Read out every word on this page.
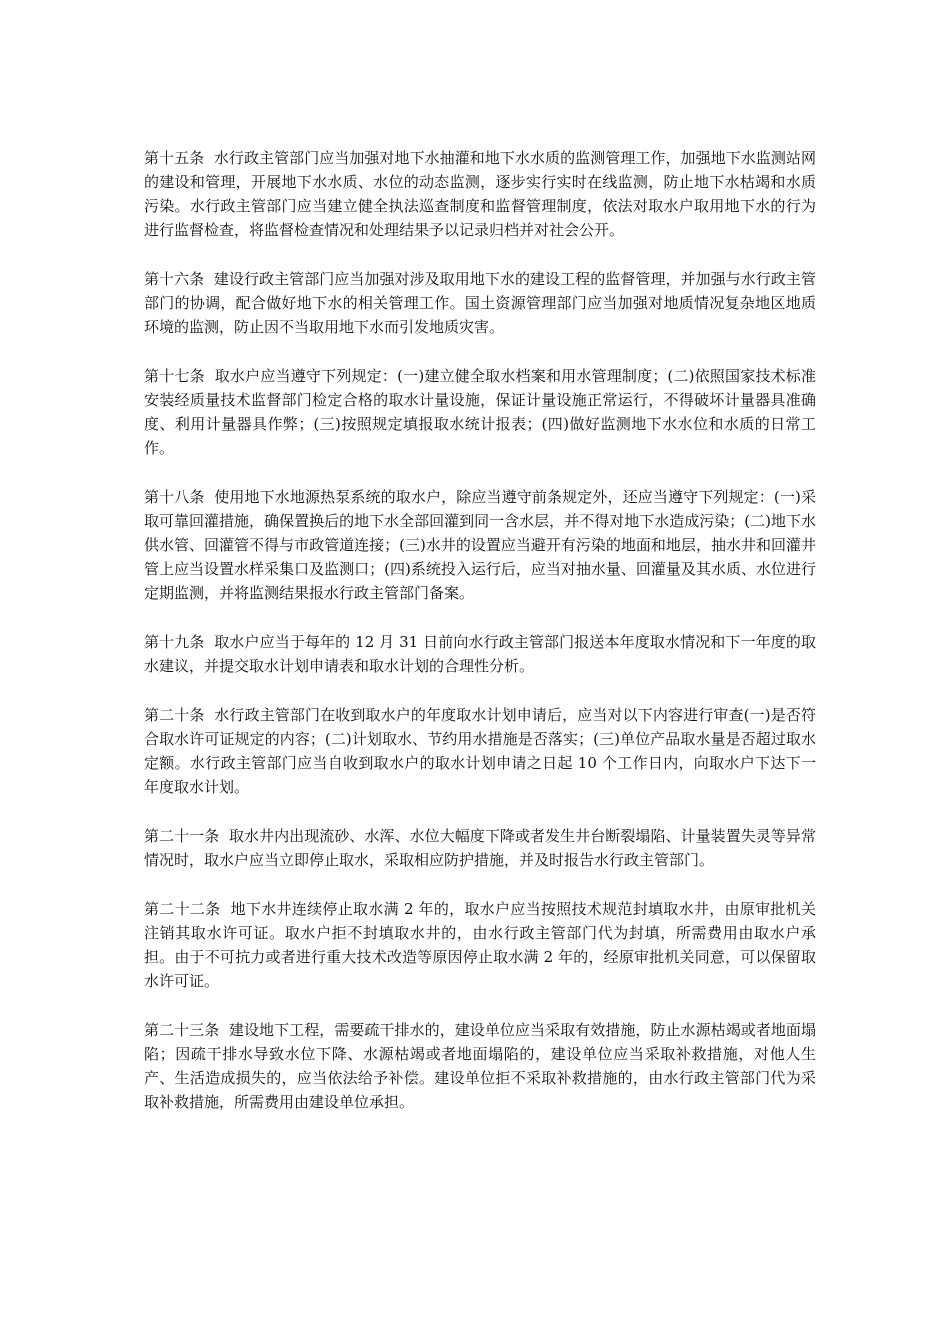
第十五条 水行政主管部门应当加强对地下水抽灌和地下水水质的监测管理工作，加强地下水监测站网的建设和管理，开展地下水水质、水位的动态监测，逐步实行实时在线监测，防止地下水枯竭和水质污染。水行政主管部门应当建立健全执法巡查制度和监督管理制度，依法对取水户取用地下水的行为进行监督检查，将监督检查情况和处理结果予以记录归档并对社会公开。

第十六条 建设行政主管部门应当加强对涉及取用地下水的建设工程的监督管理，并加强与水行政主管部门的协调，配合做好地下水的相关管理工作。国土资源管理部门应当加强对地质情况复杂地区地质环境的监测，防止因不当取用地下水而引发地质灾害。

第十七条 取水户应当遵守下列规定：(一)建立健全取水档案和用水管理制度；(二)依照国家技术标准安装经质量技术监督部门检定合格的取水计量设施，保证计量设施正常运行，不得破坏计量器具准确度、利用计量器具作弊；(三)按照规定填报取水统计报表；(四)做好监测地下水水位和水质的日常工作。

第十八条 使用地下水地源热泵系统的取水户，除应当遵守前条规定外，还应当遵守下列规定：(一)采取可靠回灌措施，确保置换后的地下水全部回灌到同一含水层，并不得对地下水造成污染；(二)地下水供水管、回灌管不得与市政管道连接；(三)水井的设置应当避开有污染的地面和地层，抽水井和回灌井管上应当设置水样采集口及监测口；(四)系统投入运行后，应当对抽水量、回灌量及其水质、水位进行定期监测，并将监测结果报水行政主管部门备案。

第十九条 取水户应当于每年的 12 月 31 日前向水行政主管部门报送本年度取水情况和下一年度的取水建议，并提交取水计划申请表和取水计划的合理性分析。

第二十条 水行政主管部门在收到取水户的年度取水计划申请后，应当对以下内容进行审查(一)是否符合取水许可证规定的内容；(二)计划取水、节约用水措施是否落实；(三)单位产品取水量是否超过取水定额。水行政主管部门应当自收到取水户的取水计划申请之日起 10 个工作日内，向取水户下达下一年度取水计划。

第二十一条 取水井内出现流砂、水浑、水位大幅度下降或者发生井台断裂塌陷、计量装置失灵等异常情况时，取水户应当立即停止取水，采取相应防护措施，并及时报告水行政主管部门。

第二十二条 地下水井连续停止取水满 2 年的，取水户应当按照技术规范封填取水井，由原审批机关注销其取水许可证。取水户拒不封填取水井的，由水行政主管部门代为封填，所需费用由取水户承担。由于不可抗力或者进行重大技术改造等原因停止取水满 2 年的，经原审批机关同意，可以保留取水许可证。

第二十三条 建设地下工程，需要疏干排水的，建设单位应当采取有效措施，防止水源枯竭或者地面塌陷；因疏干排水导致水位下降、水源枯竭或者地面塌陷的，建设单位应当采取补救措施，对他人生产、生活造成损失的，应当依法给予补偿。建设单位拒不采取补救措施的，由水行政主管部门代为采取补救措施，所需费用由建设单位承担。
